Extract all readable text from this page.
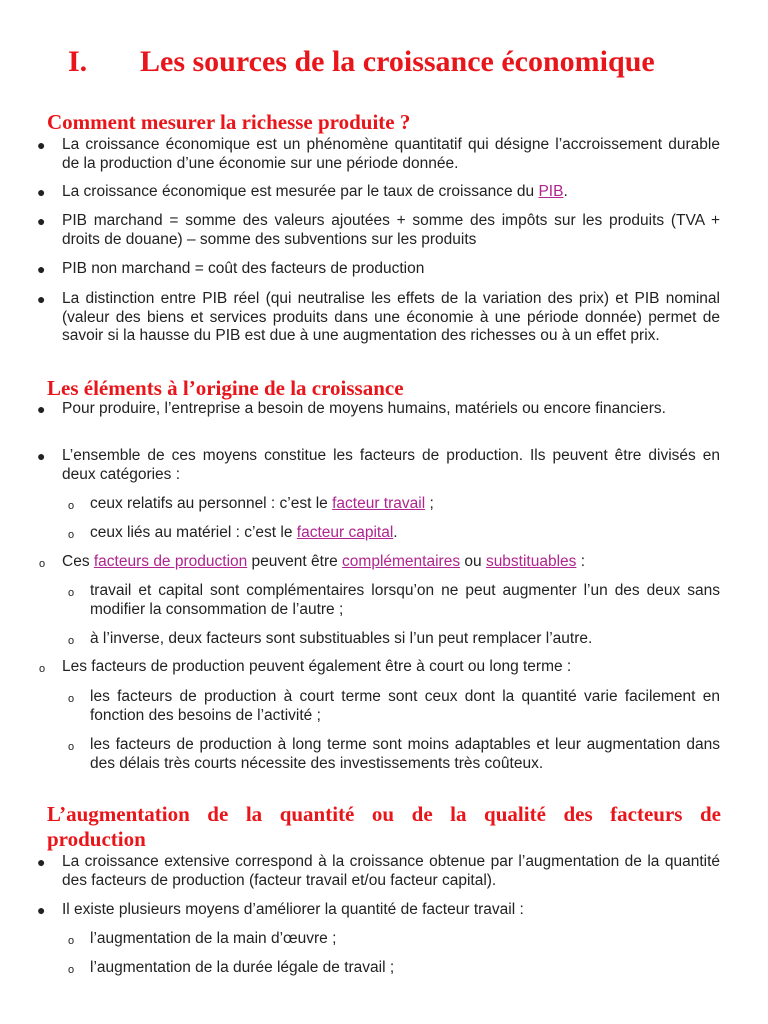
I. Les sources de la croissance économique
Comment mesurer la richesse produite ?
● La croissance économique est un phénomène quantitatif qui désigne l’accroissement durable de la production d’une économie sur une période donnée.
● La croissance économique est mesurée par le taux de croissance du PIB.
● PIB marchand = somme des valeurs ajoutées + somme des impôts sur les produits (TVA + droits de douane) – somme des subventions sur les produits
● PIB non marchand = coût des facteurs de production
● La distinction entre PIB réel (qui neutralise les effets de la variation des prix) et PIB nominal (valeur des biens et services produits dans une économie à une période donnée) permet de savoir si la hausse du PIB est due à une augmentation des richesses ou à un effet prix.
Les éléments à l’origine de la croissance
● Pour produire, l’entreprise a besoin de moyens humains, matériels ou encore financiers.
● L’ensemble de ces moyens constitue les facteurs de production. Ils peuvent être divisés en deux catégories :
o ceux relatifs au personnel : c’est le facteur travail ;
o ceux liés au matériel : c’est le facteur capital.
o Ces facteurs de production peuvent être complémentaires ou substituables :
o travail et capital sont complémentaires lorsqu’on ne peut augmenter l’un des deux sans modifier la consommation de l’autre ;
o à l’inverse, deux facteurs sont substituables si l’un peut remplacer l’autre.
o Les facteurs de production peuvent également être à court ou long terme :
o les facteurs de production à court terme sont ceux dont la quantité varie facilement en fonction des besoins de l’activité ;
o les facteurs de production à long terme sont moins adaptables et leur augmentation dans des délais très courts nécessite des investissements très coûteux.
L’augmentation de la quantité ou de la qualité des facteurs de
production
● La croissance extensive correspond à la croissance obtenue par l’augmentation de la quantité des facteurs de production (facteur travail et/ou facteur capital).
● Il existe plusieurs moyens d’améliorer la quantité de facteur travail :
o l’augmentation de la main d’œuvre ;
o l’augmentation de la durée légale de travail ;
